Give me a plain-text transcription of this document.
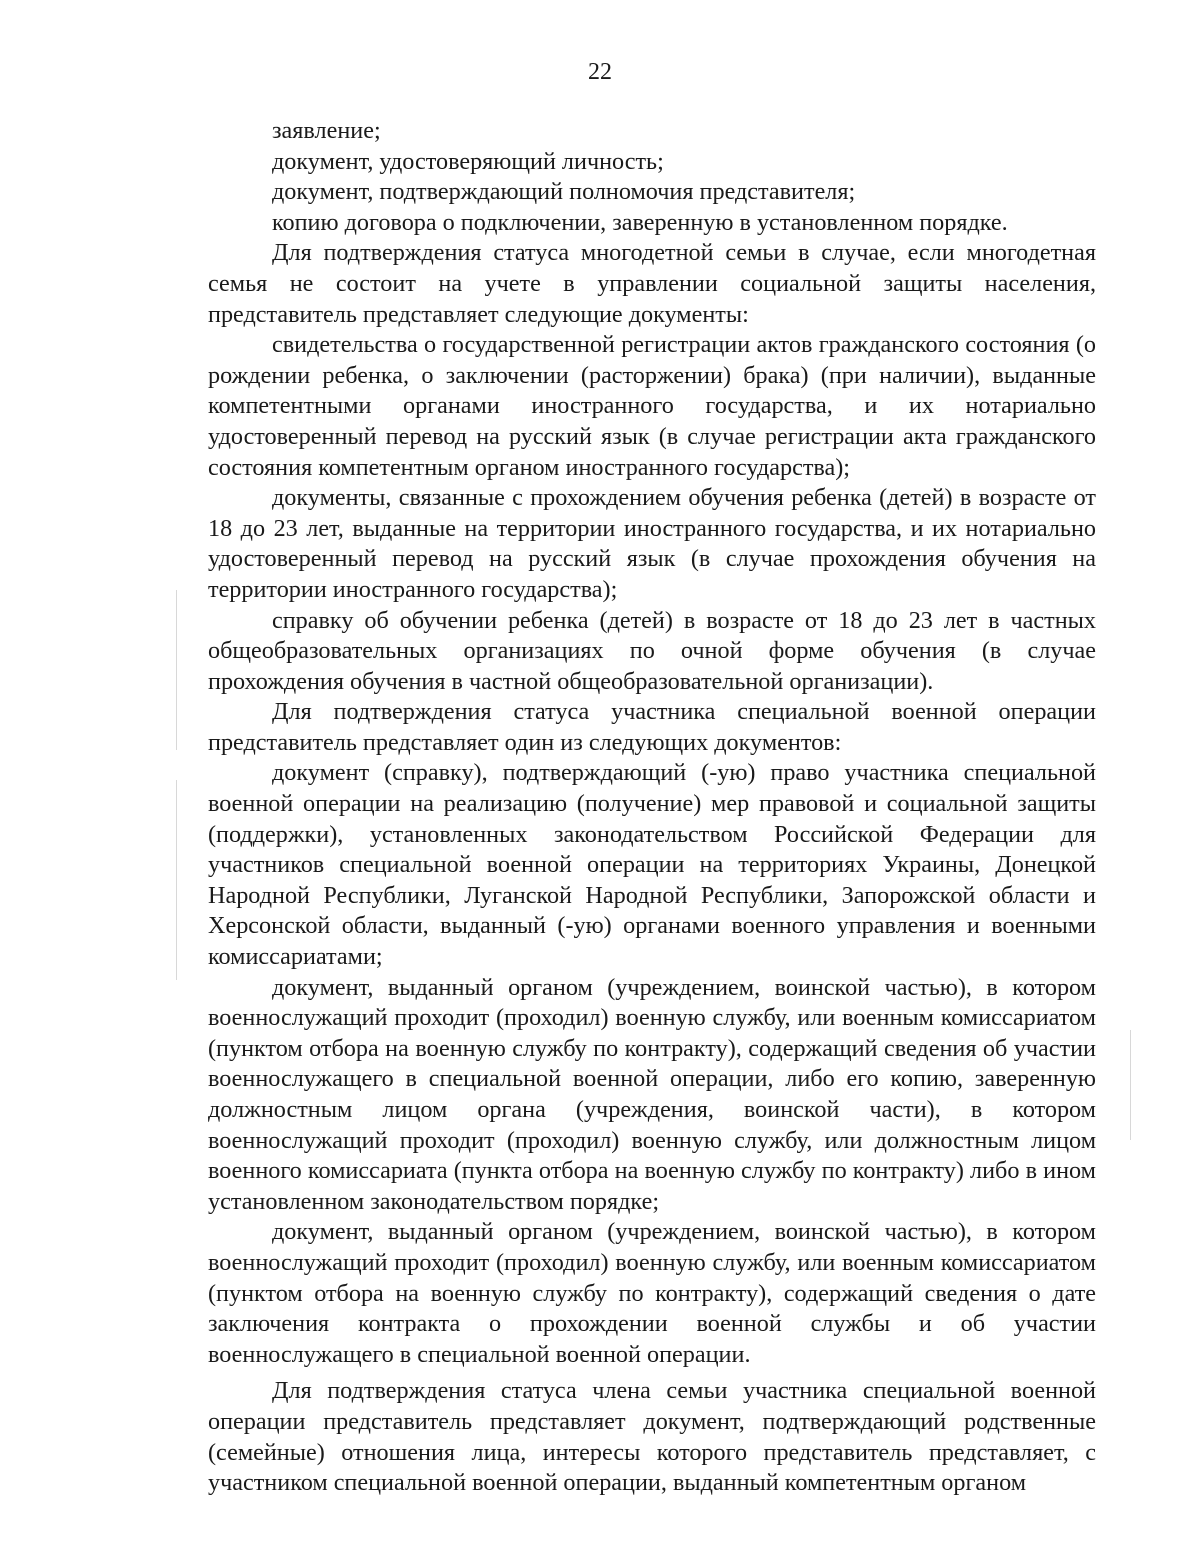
22

заявление;

документ, удостоверяющий личность;

документ, подтверждающий полномочия представителя;

копию договора о подключении, заверенную в установленном порядке.

Для подтверждения статуса многодетной семьи в случае, если многодетная семья не состоит на учете в управлении социальной защиты населения, представитель представляет следующие документы:

свидетельства о государственной регистрации актов гражданского состояния (о рождении ребенка, о заключении (расторжении) брака) (при наличии), выданные компетентными органами иностранного государства, и их нотариально удостоверенный перевод на русский язык (в случае регистрации акта гражданского состояния компетентным органом иностранного государства);

документы, связанные с прохождением обучения ребенка (детей) в возрасте от 18 до 23 лет, выданные на территории иностранного государства, и их нотариально удостоверенный перевод на русский язык (в случае прохождения обучения на территории иностранного государства);

справку об обучении ребенка (детей) в возрасте от 18 до 23 лет в частных общеобразовательных организациях по очной форме обучения (в случае прохождения обучения в частной общеобразовательной организации).

Для подтверждения статуса участника специальной военной операции представитель представляет один из следующих документов:

документ (справку), подтверждающий (-ую) право участника специальной военной операции на реализацию (получение) мер правовой и социальной защиты (поддержки), установленных законодательством Российской Федерации для участников специальной военной операции на территориях Украины, Донецкой Народной Республики, Луганской Народной Республики, Запорожской области и Херсонской области, выданный (-ую) органами военного управления и военными комиссариатами;

документ, выданный органом (учреждением, воинской частью), в котором военнослужащий проходит (проходил) военную службу, или военным комиссариатом (пунктом отбора на военную службу по контракту), содержащий сведения об участии военнослужащего в специальной военной операции, либо его копию, заверенную должностным лицом органа (учреждения, воинской части), в котором военнослужащий проходит (проходил) военную службу, или должностным лицом военного комиссариата (пункта отбора на военную службу по контракту) либо в ином установленном законодательством порядке;

документ, выданный органом (учреждением, воинской частью), в котором военнослужащий проходит (проходил) военную службу, или военным комиссариатом (пунктом отбора на военную службу по контракту), содержащий сведения о дате заключения контракта о прохождении военной службы и об участии военнослужащего в специальной военной операции.

Для подтверждения статуса члена семьи участника специальной военной операции представитель представляет документ, подтверждающий родственные (семейные) отношения лица, интересы которого представитель представляет, с участником специальной военной операции, выданный компетентным органом
